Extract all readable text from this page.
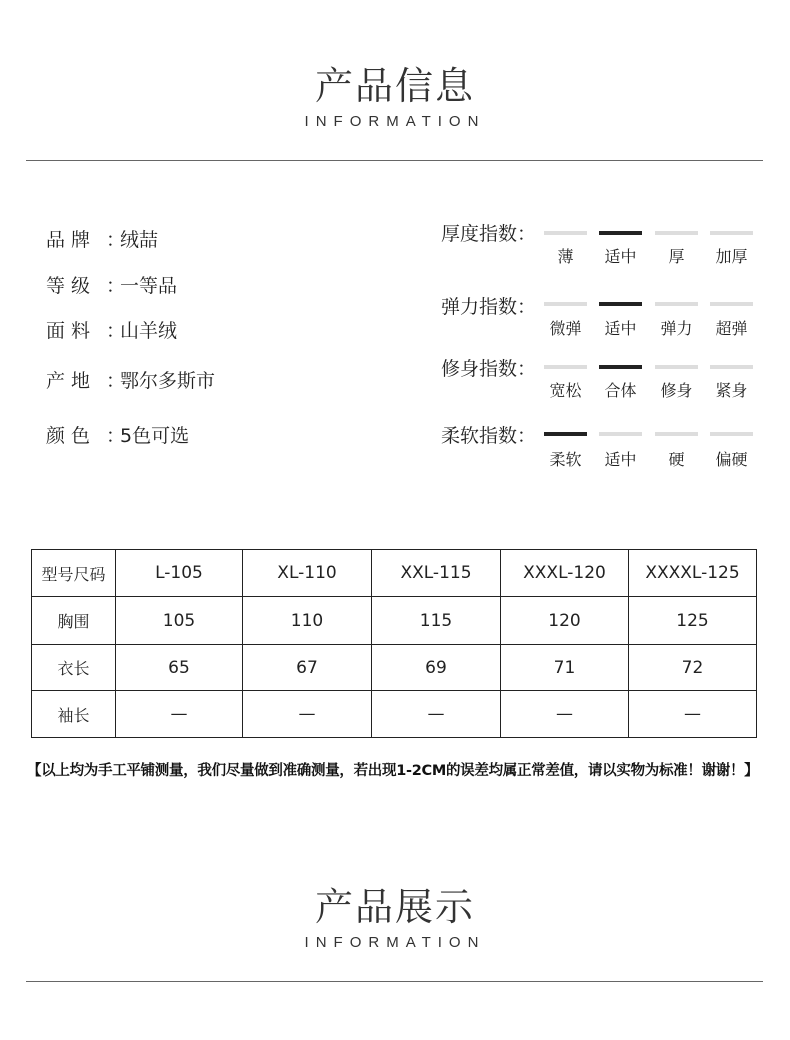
产品信息
INFORMATION
品 牌 ：绒喆
等 级 ：一等品
面 料 ：山羊绒
产 地 ：鄂尔多斯市
颜 色 ：5色可选
厚度指数：
薄	适中	厚	加厚
弹力指数：
微弹	适中	弹力	超弹
修身指数：
宽松	合体	修身	紧身
柔软指数：
柔软	适中	硬	偏硬
型号尺码	L-105	XL-110	XXL-115	XXXL-120	XXXXL-125
胸围	105	110	115	120	125
衣长	65	67	69	71	72
袖长	—	—	—	—	—
【以上均为手工平铺测量，我们尽量做到准确测量，若出现1-2CM的误差均属正常差值，请以实物为标准！谢谢！】
产品展示
INFORMATION
